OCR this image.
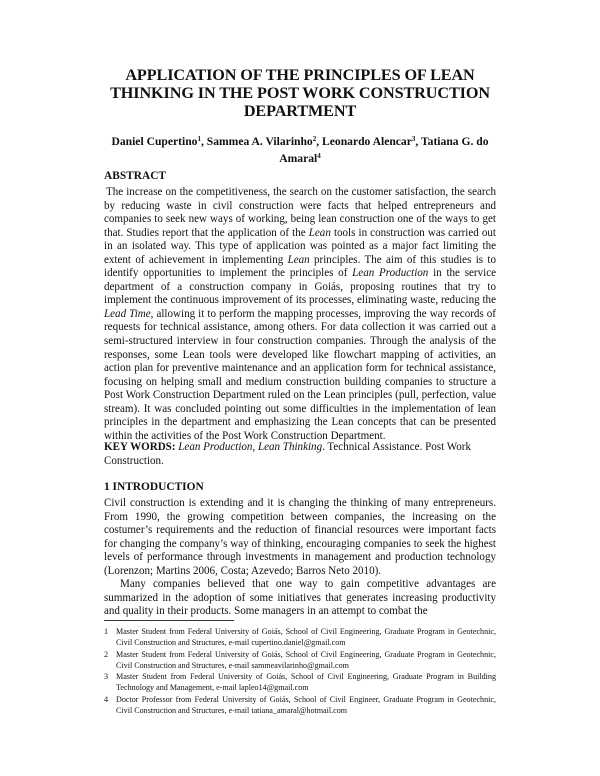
APPLICATION OF THE PRINCIPLES OF LEAN THINKING IN THE POST WORK CONSTRUCTION DEPARTMENT
Daniel Cupertino$^1$, Sammea A. Vilarinho$^2$, Leonardo Alencar$^3$, Tatiana G. do Amaral$^4$
ABSTRACT

The increase on the competitiveness, the search on the customer satisfaction, the search by reducing waste in civil construction were facts that helped entrepreneurs and companies to seek new ways of working, being lean construction one of the ways to get that. Studies report that the application of the Lean tools in construction was carried out in an isolated way. This type of application was pointed as a major fact limiting the extent of achievement in implementing Lean principles. The aim of this studies is to identify opportunities to implement the principles of Lean Production in the service department of a construction company in Goiás, proposing routines that try to implement the continuous improvement of its processes, eliminating waste, reducing the Lead Time, allowing it to perform the mapping processes, improving the way records of requests for technical assistance, among others. For data collection it was carried out a semi-structured interview in four construction companies. Through the analysis of the responses, some Lean tools were developed like flowchart mapping of activities, an action plan for preventive maintenance and an application form for technical assistance, focusing on helping small and medium construction building companies to structure a Post Work Construction Department ruled on the Lean principles (pull, perfection, value stream). It was concluded pointing out some difficulties in the implementation of lean principles in the department and emphasizing the Lean concepts that can be presented within the activities of the Post Work Construction Department.

KEY WORDS: Lean Production, Lean Thinking. Technical Assistance. Post Work Construction.

1 INTRODUCTION

Civil construction is extending and it is changing the thinking of many entrepreneurs. From 1990, the growing competition between companies, the increasing on the costumer’s requirements and the reduction of financial resources were important facts for changing the company’s way of thinking, encouraging companies to seek the highest levels of performance through investments in management and production technology (Lorenzon; Martins 2006, Costa; Azevedo; Barros Neto 2010).

Many companies believed that one way to gain competitive advantages are summarized in the adoption of some initiatives that generates increasing productivity and quality in their products. Some managers in an attempt to combat the

1 Master Student from Federal University of Goiás, School of Civil Engineering, Graduate Program in Geotechnic, Civil Construction and Structures, e-mail cupertino.daniel@gmail.com
2 Master Student from Federal University of Goiás, School of Civil Engineering, Graduate Program in Geotechnic, Civil Construction and Structures, e-mail sammeavilarinho@gmail.com
3 Master Student from Federal University of Goiás, School of Civil Engineering, Graduate Program in Building Technology and Management, e-mail lapleo14@gmail.com
4 Doctor Professor from Federal University of Goiás, School of Civil Engineer, Graduate Program in Geotechnic, Civil Construction and Structures, e-mail tatiana_amaral@hotmail.com
